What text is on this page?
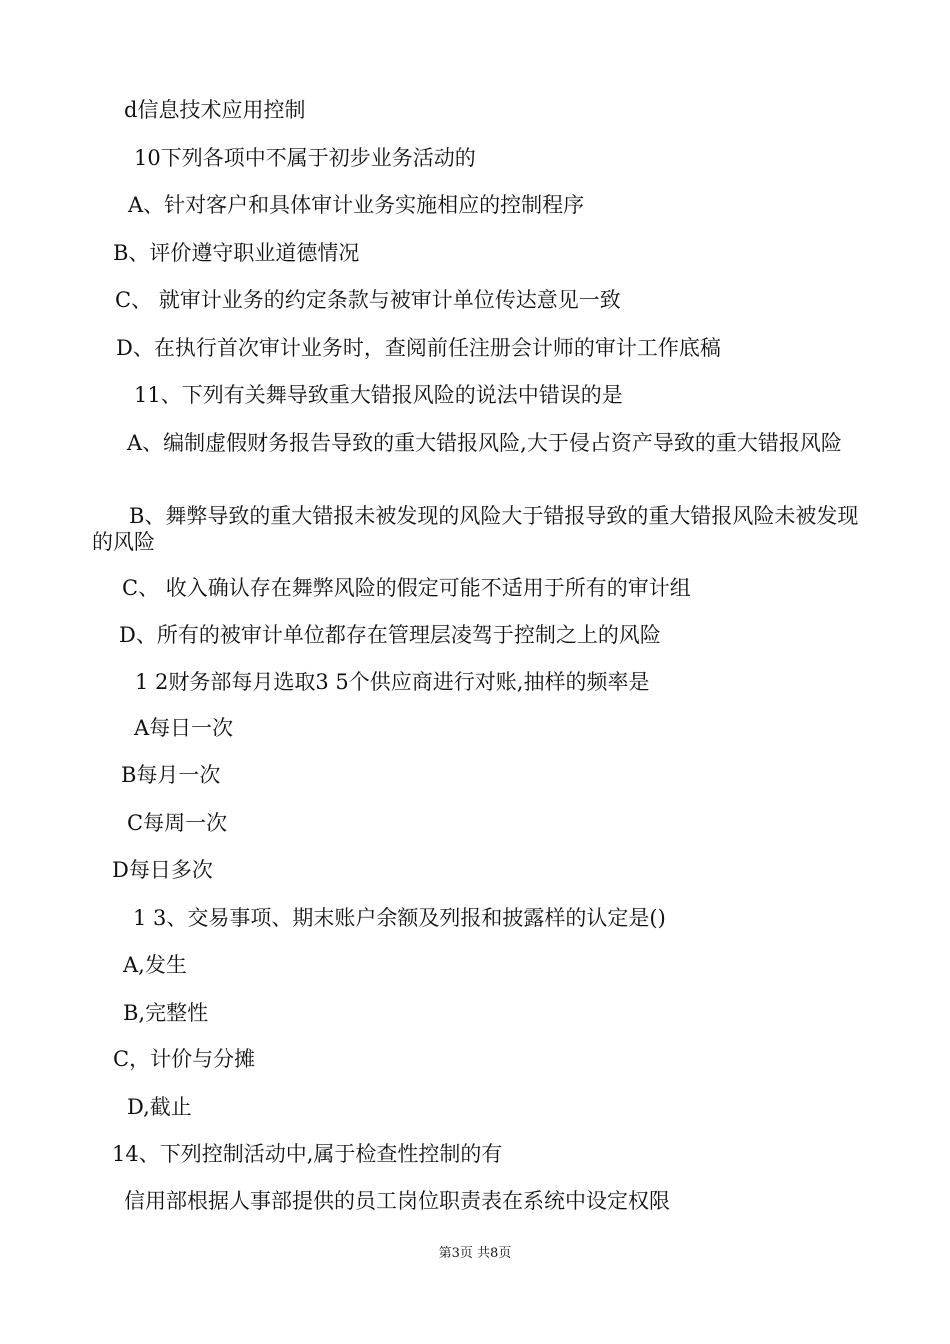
d信息技术应用控制
10下列各项中不属于初步业务活动的
A、针对客户和具体审计业务实施相应的控制程序
B、评价遵守职业道德情况
C、 就审计业务的约定条款与被审计单位传达意见一致
D、在执行首次审计业务时，查阅前任注册会计师的审计工作底稿
11、下列有关舞导致重大错报风险的说法中错误的是
A、编制虚假财务报告导致的重大错报风险,大于侵占资产导致的重大错报风险
B、舞弊导致的重大错报未被发现的风险大于错报导致的重大错报风险未被发现的风险
C、 收入确认存在舞弊风险的假定可能不适用于所有的审计组
D、所有的被审计单位都存在管理层凌驾于控制之上的风险
1 2财务部每月选取3 5个供应商进行对账,抽样的频率是
A每日一次
B每月一次
C每周一次
D每日多次
1 3、交易事项、期末账户余额及列报和披露样的认定是()
A,发生
B,完整性
C，计价与分摊
D,截止
14、下列控制活动中,属于检查性控制的有
信用部根据人事部提供的员工岗位职责表在系统中设定权限
第3页 共8页
